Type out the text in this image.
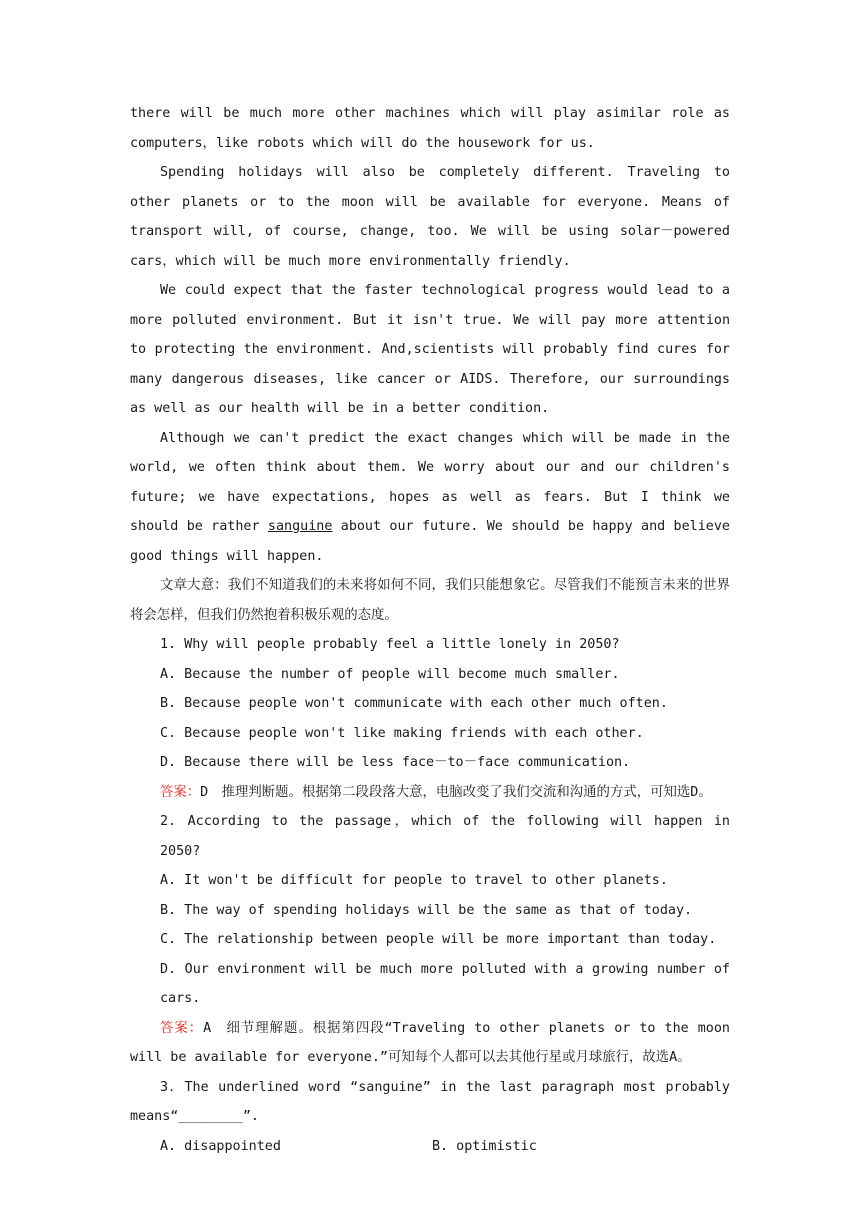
there will be much more other machines which will play asimilar role as computers，like robots which will do the housework for us.

Spending holidays will also be completely different. Traveling to other planets or to the moon will be available for everyone. Means of transport will, of course, change, too. We will be using solar－powered cars，which will be much more environmentally friendly.

We could expect that the faster technological progress would lead to a more polluted environment. But it isn't true. We will pay more attention to protecting the environment. And,scientists will probably find cures for many dangerous diseases, like cancer or AIDS. Therefore, our surroundings as well as our health will be in a better condition.

Although we can't predict the exact changes which will be made in the world, we often think about them. We worry about our and our children's future; we have expectations, hopes as well as fears. But I think we should be rather sanguine about our future. We should be happy and believe good things will happen.

文章大意：我们不知道我们的未来将如何不同，我们只能想象它。尽管我们不能预言未来的世界将会怎样，但我们仍然抱着积极乐观的态度。

1. Why will people probably feel a little lonely in 2050?

A. Because the number of people will become much smaller.

B. Because people won't communicate with each other much often.

C. Because people won't like making friends with each other.

D. Because there will be less face－to－face communication.

答案：D　推理判断题。根据第二段段落大意，电脑改变了我们交流和沟通的方式，可知选D。

2. According to the passage，which of the following will happen in 2050?

A. It won't be difficult for people to travel to other planets.

B. The way of spending holidays will be the same as that of today.

C. The relationship between people will be more important than today.

D. Our environment will be much more polluted with a growing number of cars.

答案：A　细节理解题。根据第四段“Traveling to other planets or to the moon will be available for everyone.”可知每个人都可以去其他行星或月球旅行，故选A。

3．The underlined word “sanguine” in the last paragraph most probably means“________”.

A. disappointed	B. optimistic
